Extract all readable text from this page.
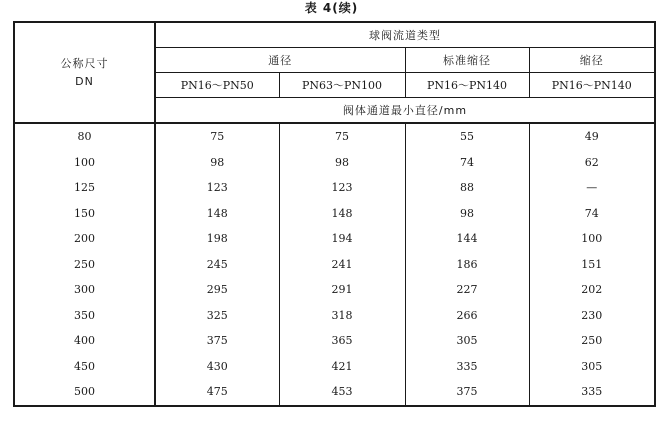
表 4(续)
公称尺寸
DN	球阀流道类型			
	通径		标准缩径	缩径
	PN16～PN50	PN63～PN100	PN16～PN140	PN16～PN140
	阀体通道最小直径/mm			
80	75	75	55	49
100	98	98	74	62
125	123	123	88	—
150	148	148	98	74
200	198	194	144	100
250	245	241	186	151
300	295	291	227	202
350	325	318	266	230
400	375	365	305	250
450	430	421	335	305
500	475	453	375	335
